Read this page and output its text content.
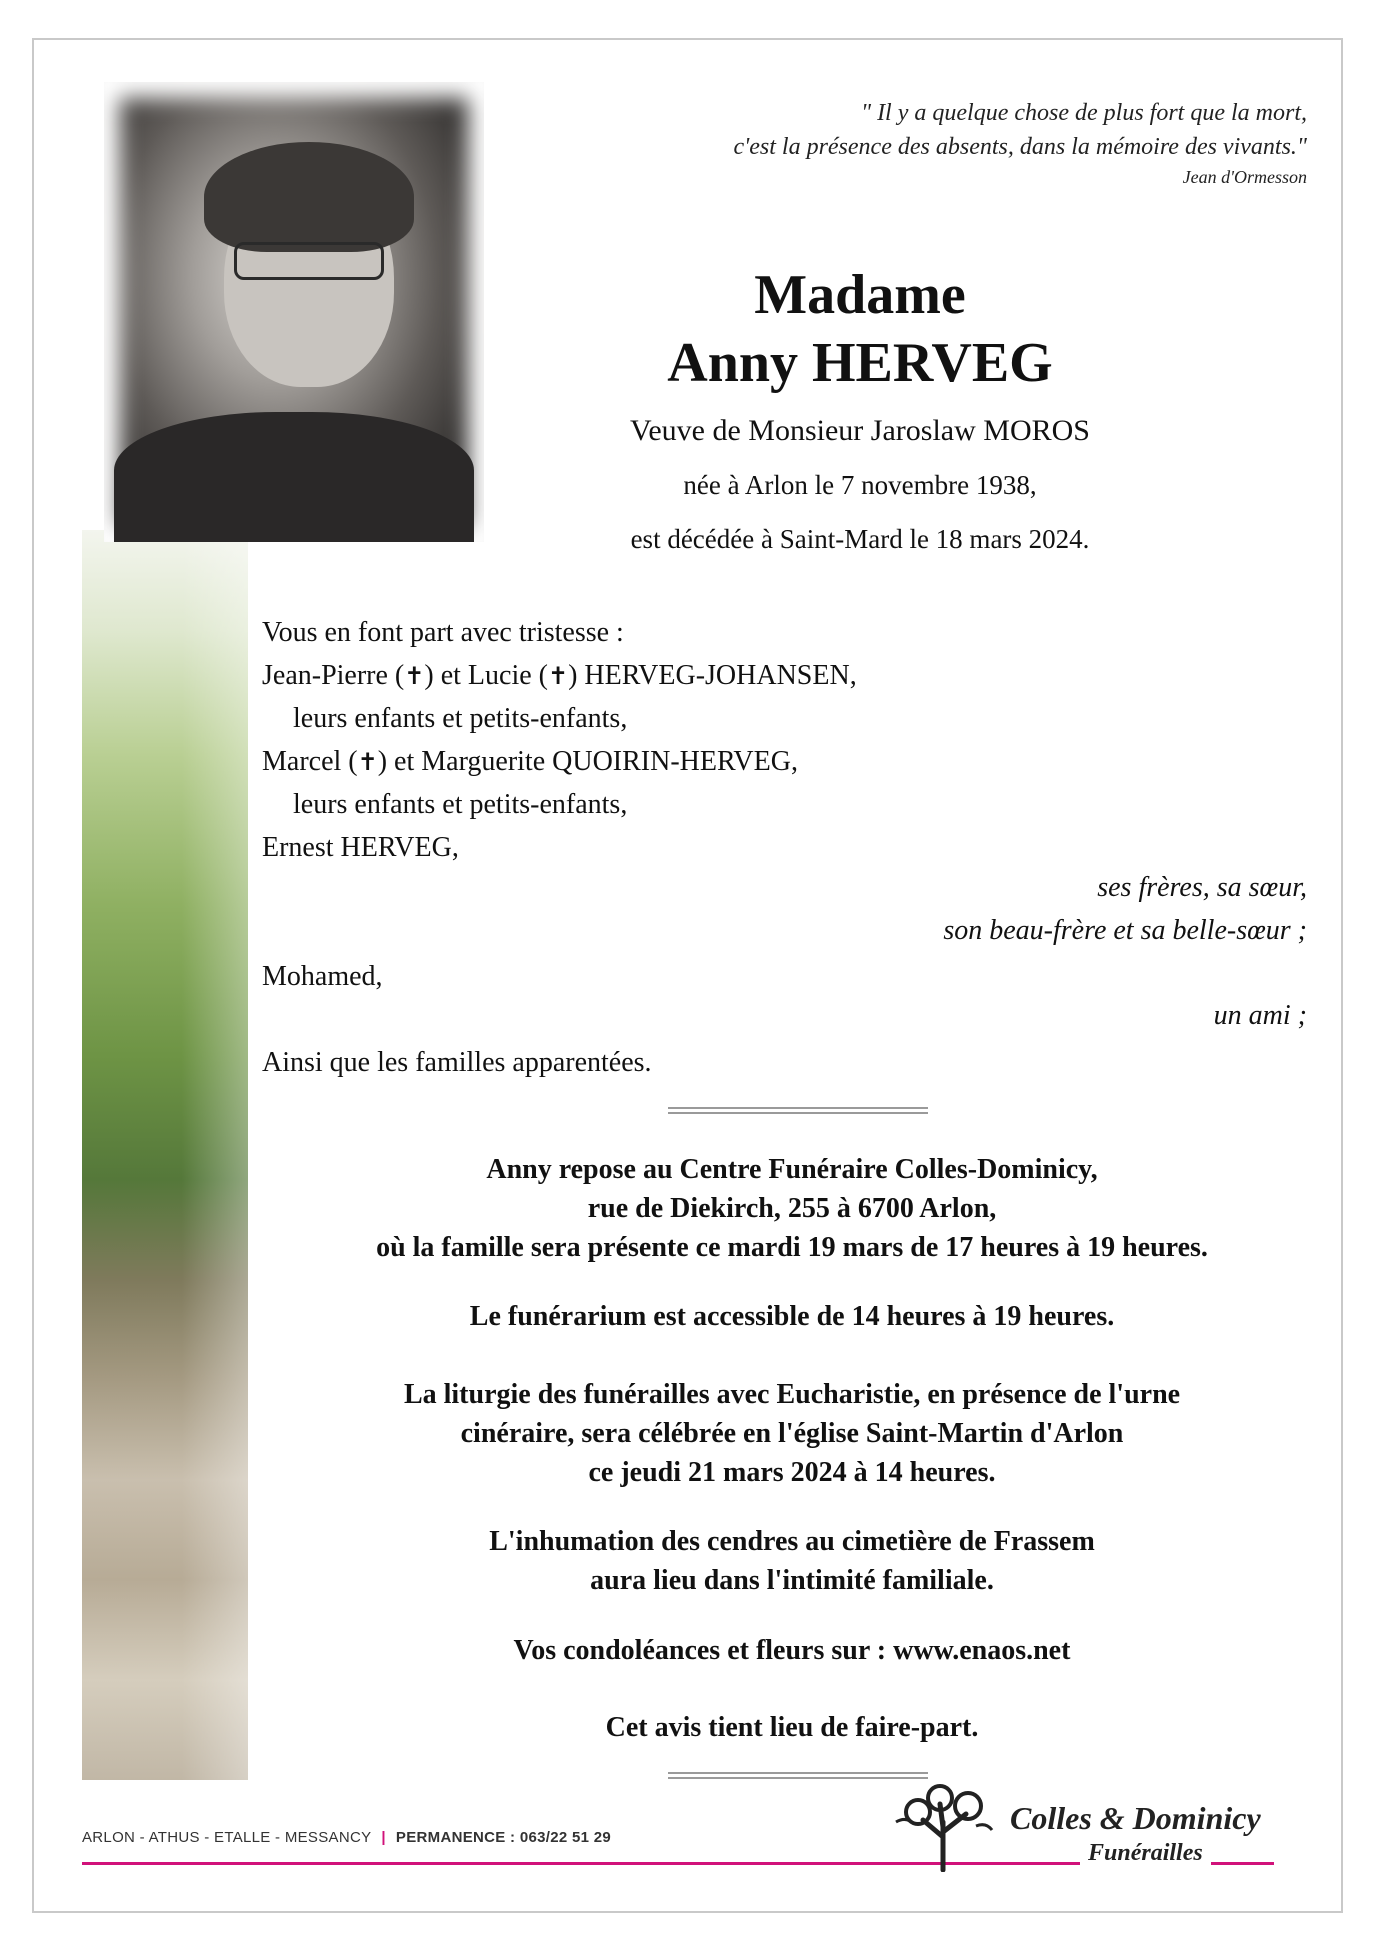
" Il y a quelque chose de plus fort que la mort,
c'est la présence des absents, dans la mémoire des vivants."
Jean d'Ormesson
Madame
Anny HERVEG
Veuve de Monsieur Jaroslaw MOROS
née à Arlon le 7 novembre 1938,
est décédée à Saint-Mard le 18 mars 2024.
Vous en font part avec tristesse :
Jean-Pierre (✝) et Lucie (✝) HERVEG-JOHANSEN,
leurs enfants et petits-enfants,
Marcel (✝) et Marguerite QUOIRIN-HERVEG,
leurs enfants et petits-enfants,
Ernest HERVEG,
ses frères, sa sœur,
son beau-frère et sa belle-sœur ;
Mohamed,
un ami ;
Ainsi que les familles apparentées.
Anny repose au Centre Funéraire Colles-Dominicy,
rue de Diekirch, 255 à 6700 Arlon,
où la famille sera présente ce mardi 19 mars de 17 heures à 19 heures.
Le funérarium est accessible de 14 heures à 19 heures.
La liturgie des funérailles avec Eucharistie, en présence de l'urne
cinéraire, sera célébrée en l'église Saint-Martin d'Arlon
ce jeudi 21 mars 2024 à 14 heures.
L'inhumation des cendres au cimetière de Frassem
aura lieu dans l'intimité familiale.
Vos condoléances et fleurs sur : www.enaos.net
Cet avis tient lieu de faire-part.
ARLON - ATHUS - ETALLE - MESSANCY | PERMANENCE : 063/22 51 29
Colles & Dominicy
Funérailles
